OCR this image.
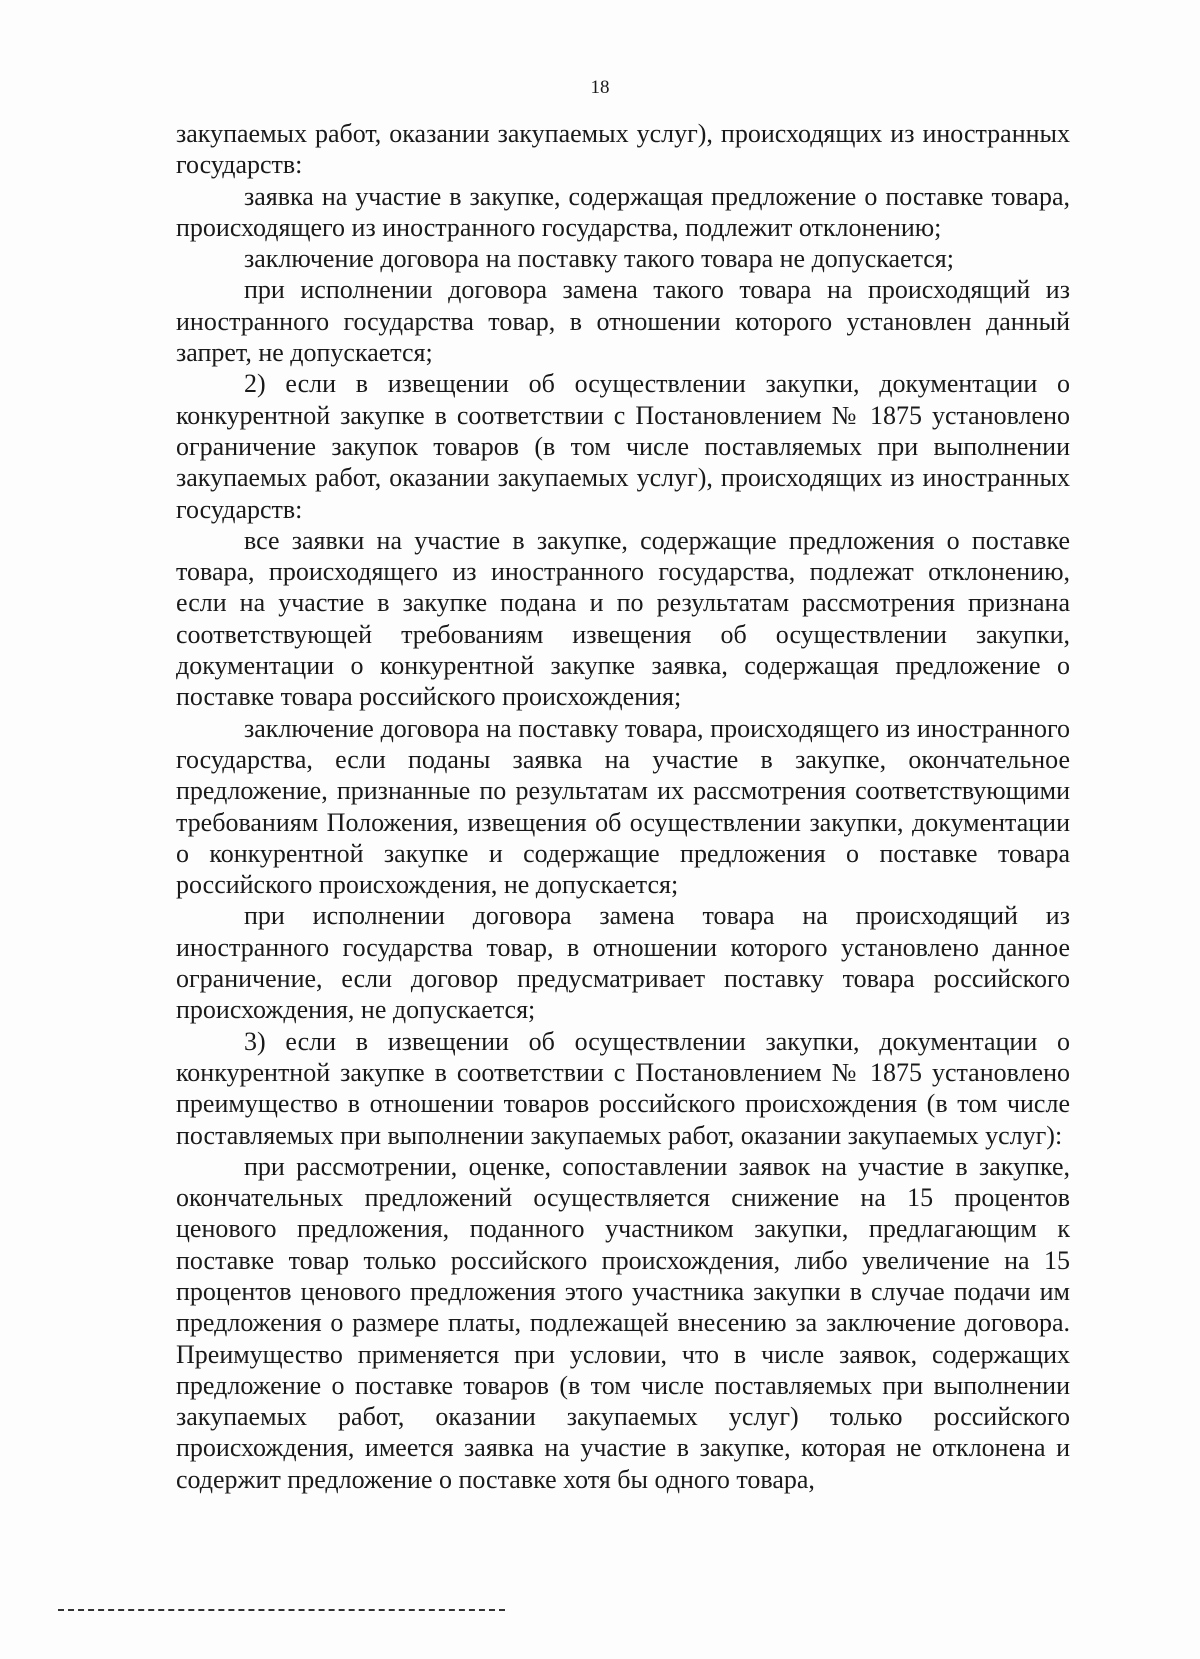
18

закупаемых работ, оказании закупаемых услуг), происходящих из иностранных государств:

заявка на участие в закупке, содержащая предложение о поставке товара, происходящего из иностранного государства, подлежит отклонению;

заключение договора на поставку такого товара не допускается;

при исполнении договора замена такого товара на происходящий из иностранного государства товар, в отношении которого установлен данный запрет, не допускается;

2) если в извещении об осуществлении закупки, документации о конкурентной закупке в соответствии с Постановлением № 1875 установлено ограничение закупок товаров (в том числе поставляемых при выполнении закупаемых работ, оказании закупаемых услуг), происходящих из иностранных государств:

все заявки на участие в закупке, содержащие предложения о поставке товара, происходящего из иностранного государства, подлежат отклонению, если на участие в закупке подана и по результатам рассмотрения признана соответствующей требованиям извещения об осуществлении закупки, документации о конкурентной закупке заявка, содержащая предложение о поставке товара российского происхождения;

заключение договора на поставку товара, происходящего из иностранного государства, если поданы заявка на участие в закупке, окончательное предложение, признанные по результатам их рассмотрения соответствующими требованиям Положения, извещения об осуществлении закупки, документации о конкурентной закупке и содержащие предложения о поставке товара российского происхождения, не допускается;

при исполнении договора замена товара на происходящий из иностранного государства товар, в отношении которого установлено данное ограничение, если договор предусматривает поставку товара российского происхождения, не допускается;

3) если в извещении об осуществлении закупки, документации о конкурентной закупке в соответствии с Постановлением № 1875 установлено преимущество в отношении товаров российского происхождения (в том числе поставляемых при выполнении закупаемых работ, оказании закупаемых услуг):

при рассмотрении, оценке, сопоставлении заявок на участие в закупке, окончательных предложений осуществляется снижение на 15 процентов ценового предложения, поданного участником закупки, предлагающим к поставке товар только российского происхождения, либо увеличение на 15 процентов ценового предложения этого участника закупки в случае подачи им предложения о размере платы, подлежащей внесению за заключение договора. Преимущество применяется при условии, что в числе заявок, содержащих предложение о поставке товаров (в том числе поставляемых при выполнении закупаемых работ, оказании закупаемых услуг) только российского происхождения, имеется заявка на участие в закупке, которая не отклонена и содержит предложение о поставке хотя бы одного товара,
